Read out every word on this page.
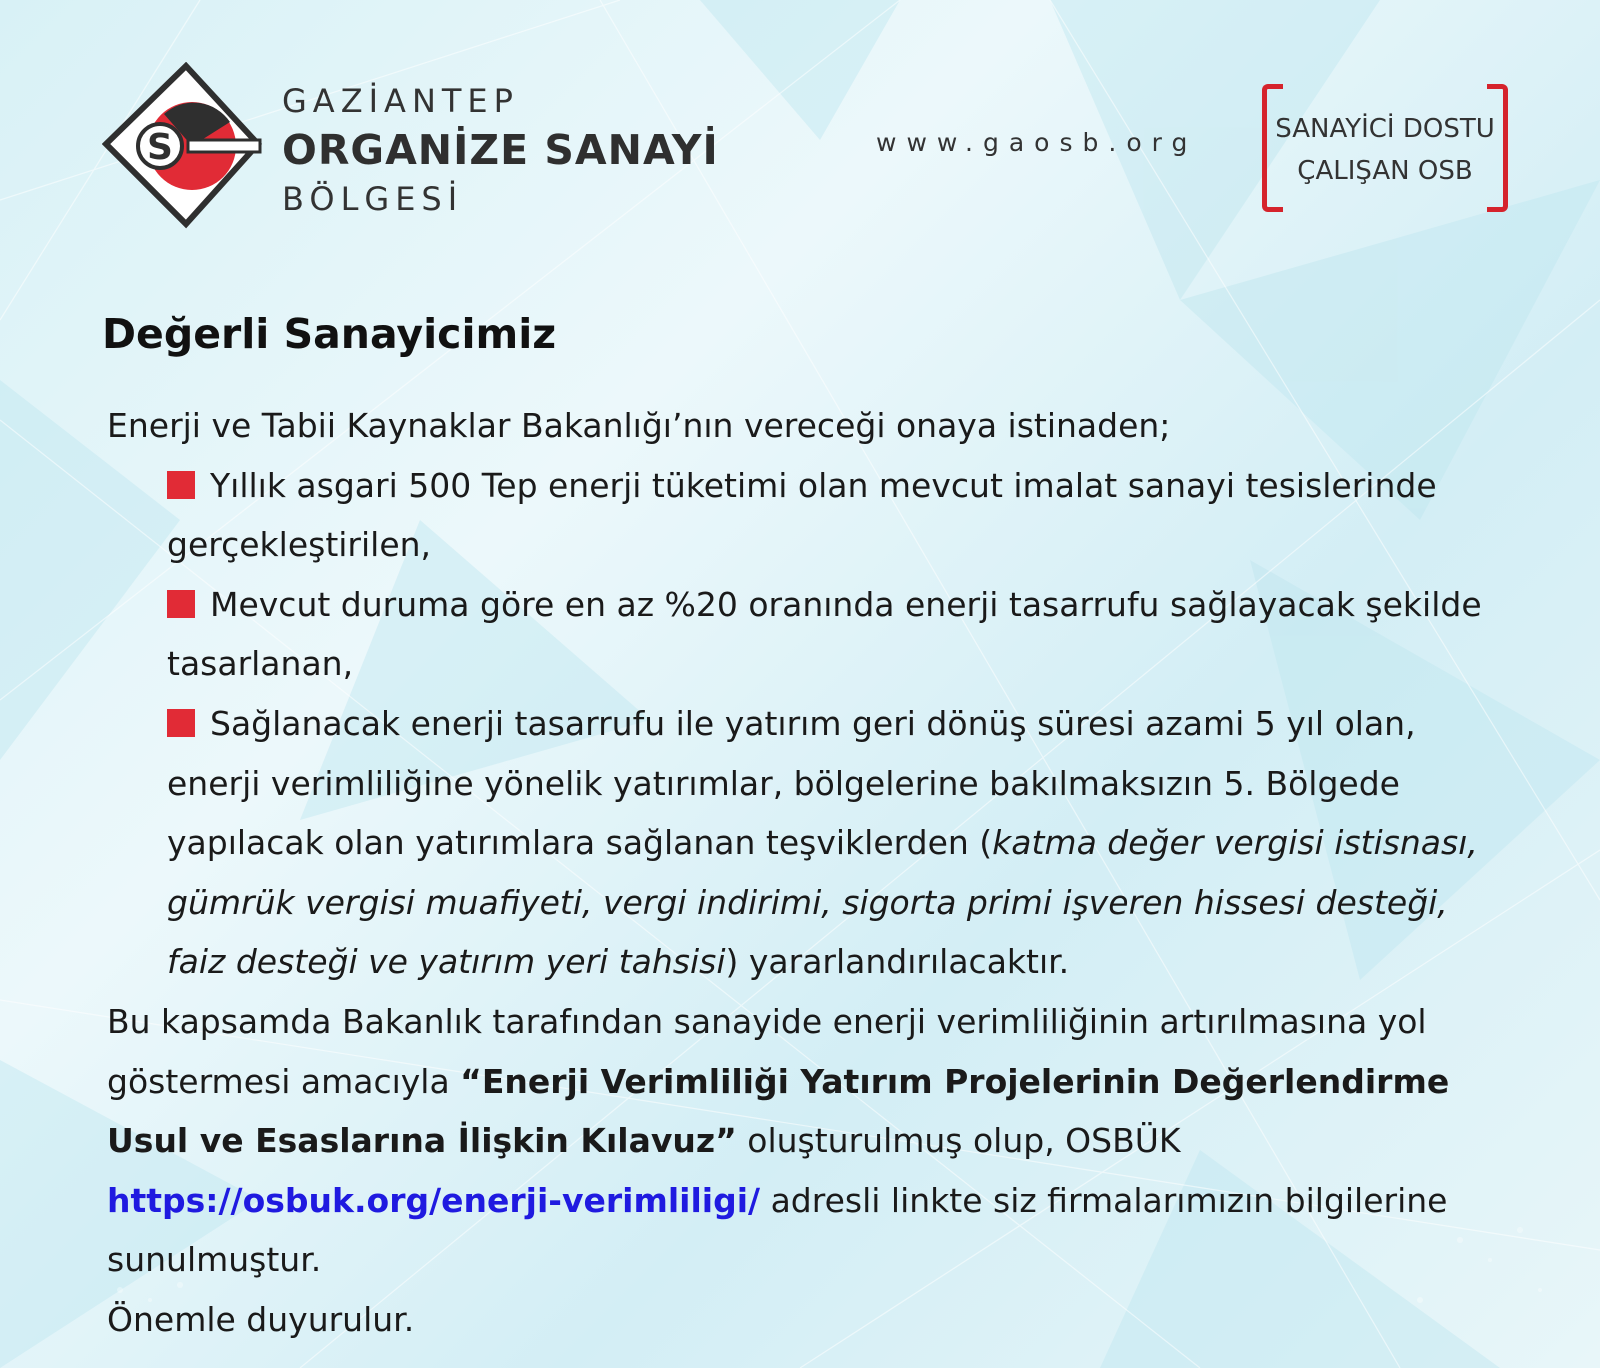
S
GAZİANTEP
ORGANİZE SANAYİ
BÖLGESİ
www.gaosb.org	SANAYİCİ DOSTU
ÇALIŞAN OSB
Değerli Sanayicimiz

Enerji ve Tabii Kaynaklar Bakanlığı’nın vereceği onaya istinaden;

Yıllık asgari 500 Tep enerji tüketimi olan mevcut imalat sanayi tesislerinde gerçekleştirilen,

Mevcut duruma göre en az %20 oranında enerji tasarrufu sağlayacak şekilde tasarlanan,

Sağlanacak enerji tasarrufu ile yatırım geri dönüş süresi azami 5 yıl olan, enerji verimliliğine yönelik yatırımlar, bölgelerine bakılmaksızın 5. Bölgede yapılacak olan yatırımlara sağlanan teşviklerden (katma değer vergisi istisnası, gümrük vergisi muafiyeti, vergi indirimi, sigorta primi işveren hissesi desteği, faiz desteği ve yatırım yeri tahsisi) yararlandırılacaktır.

Bu kapsamda Bakanlık tarafından sanayide enerji verimliliğinin artırılmasına yol göstermesi amacıyla “Enerji Verimliliği Yatırım Projelerinin Değerlendirme Usul ve Esaslarına İlişkin Kılavuz” oluşturulmuş olup, OSBÜK https://osbuk.org/enerji-verimliligi/ adresli linkte siz firmalarımızın bilgilerine sunulmuştur.

Önemle duyurulur.
